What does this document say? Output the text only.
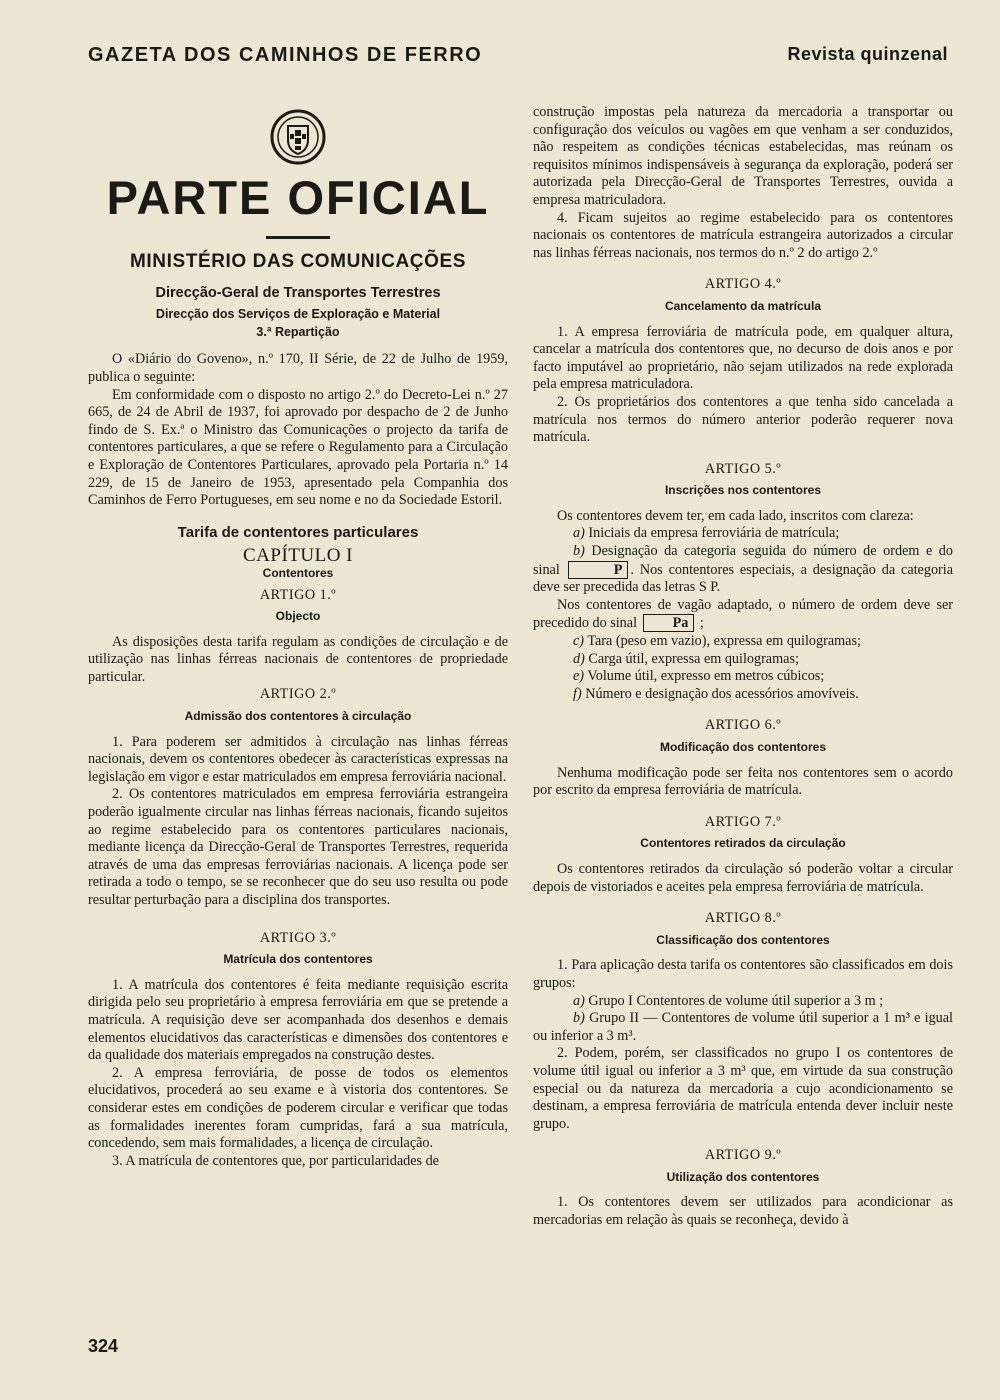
GAZETA DOS CAMINHOS DE FERRO	Revista quinzenal
PARTE OFICIAL
MINISTÉRIO DAS COMUNICAÇÕES
Direcção-Geral de Transportes Terrestres
Direcção dos Serviços de Exploração e Material
3.ª Repartição

O «Diário do Goveno», n.º 170, II Série, de 22 de Julho de 1959, publica o seguinte:

Em conformidade com o disposto no artigo 2.º do Decreto-Lei n.º 27 665, de 24 de Abril de 1937, foi aprovado por despacho de 2 de Junho findo de S. Ex.ª o Ministro das Comunicações o projecto da tarifa de contentores particulares, a que se refere o Regulamento para a Circulação e Exploração de Contentores Particulares, aprovado pela Portaria n.º 14 229, de 15 de Janeiro de 1953, apresentado pela Companhia dos Caminhos de Ferro Portugueses, em seu nome e no da Sociedade Estoril.

Tarifa de contentores particulares
CAPÍTULO I
Contentores
ARTIGO 1.º
Objecto

As disposições desta tarifa regulam as condições de circulação e de utilização nas linhas férreas nacionais de contentores de propriedade particular.

ARTIGO 2.º
Admissão dos contentores à circulação

1. Para poderem ser admitidos à circulação nas linhas férreas nacionais, devem os contentores obedecer às características expressas na legislação em vigor e estar matriculados em empresa ferroviária nacional.

2. Os contentores matriculados em empresa ferroviária estrangeira poderão igualmente circular nas linhas férreas nacionais, ficando sujeitos ao regime estabelecido para os contentores particulares nacionais, mediante licença da Direcção-Geral de Transportes Terrestres, requerida através de uma das empresas ferroviárias nacionais. A licença pode ser retirada a todo o tempo, se se reconhecer que do seu uso resulta ou pode resultar perturbação para a disciplina dos transportes.

ARTIGO 3.º
Matrícula dos contentores

1. A matrícula dos contentores é feita mediante requisição escrita dirigida pelo seu proprietário à empresa ferroviária em que se pretende a matrícula. A requisição deve ser acompanhada dos desenhos e demais elementos elucidativos das características e dimensões dos contentores e da qualidade dos materiais empregados na construção destes.

2. A empresa ferroviária, de posse de todos os elementos elucidativos, procederá ao seu exame e à vistoria dos contentores. Se considerar estes em condições de poderem circular e verificar que todas as formalidades inerentes foram cumpridas, fará a sua matrícula, concedendo, sem mais formalidades, a licença de circulação.

3. A matrícula de contentores que, por particularidades de

construção impostas pela natureza da mercadoria a transportar ou configuração dos veículos ou vagões em que venham a ser conduzidos, não respeitem as condições técnicas estabelecidas, mas reúnam os requisitos mínimos indispensáveis à segurança da exploração, poderá ser autorizada pela Direcção-Geral de Transportes Terrestres, ouvida a empresa matriculadora.

4. Ficam sujeitos ao regime estabelecido para os contentores nacionais os contentores de matrícula estrangeira autorizados a circular nas linhas férreas nacionais, nos termos do n.º 2 do artigo 2.º

ARTIGO 4.º
Cancelamento da matrícula

1. A empresa ferroviária de matrícula pode, em qualquer altura, cancelar a matrícula dos contentores que, no decurso de dois anos e por facto imputável ao proprietário, não sejam utilizados na rede explorada pela empresa matriculadora.

2. Os proprietários dos contentores a que tenha sido cancelada a matrícula nos termos do número anterior poderão requerer nova matrícula.

ARTIGO 5.º
Inscrições nos contentores

Os contentores devem ter, em cada lado, inscritos com clareza:

a) Iniciais da empresa ferroviária de matrícula;

b) Designação da categoria seguida do número de ordem e do sinal	P . Nos contentores especiais, a designação da categoria deve ser precedida das letras S P.

Nos contentores de vagão adaptado, o número de ordem deve ser precedido do sinal	Pa ;

c) Tara (peso em vazio), expressa em quilogramas;

d) Carga útil, expressa em quilogramas;

e) Volume útil, expresso em metros cúbicos;

f) Número e designação dos acessórios amovíveis.

ARTIGO 6.º
Modificação dos contentores

Nenhuma modificação pode ser feita nos contentores sem o acordo por escrito da empresa ferroviária de matrícula.

ARTIGO 7.º
Contentores retirados da circulação

Os contentores retirados da circulação só poderão voltar a circular depois de vistoriados e aceites pela empresa ferroviária de matrícula.

ARTIGO 8.º
Classificação dos contentores

1. Para aplicação desta tarifa os contentores são classificados em dois grupos:

a) Grupo I Contentores de volume útil superior a 3 m ;

b) Grupo II — Contentores de volume útil superior a 1 m³ e igual ou inferior a 3 m³.

2. Podem, porém, ser classificados no grupo I os contentores de volume útil igual ou inferior a 3 m³ que, em virtude da sua construção especial ou da natureza da mercadoria a cujo acondicionamento se destinam, a empresa ferroviária de matrícula entenda dever incluir neste grupo.

ARTIGO 9.º
Utilização dos contentores

1. Os contentores devem ser utilizados para acondicionar as mercadorias em relação às quais se reconheça, devido à

324
